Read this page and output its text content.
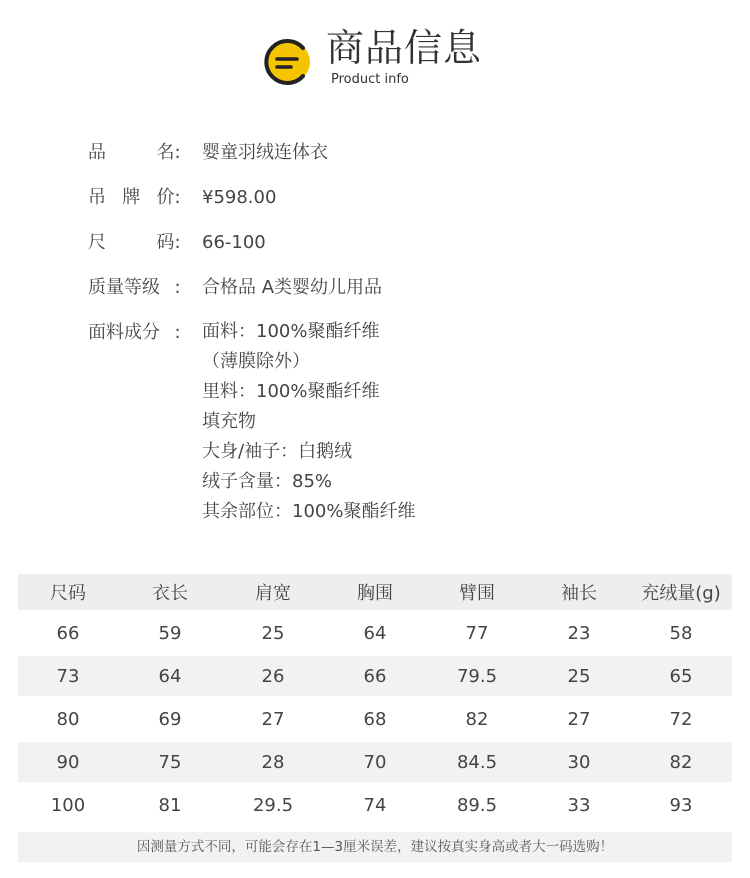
商品信息
Product info
品	名 :	婴童羽绒连体衣
吊 牌 价 :	¥598.00
尺	码 :	66-100
质量等级 :	合格品 A类婴幼儿用品
面料成分 :	面料：100%聚酯纤维
（薄膜除外）
里料：100%聚酯纤维
填充物
大身/袖子：白鹅绒
绒子含量：85%
其余部位：100%聚酯纤维
尺码	衣长	肩宽	胸围	臂围	袖长	充绒量(g)
66	59	25	64	77	23	58
73	64	26	66	79.5	25	65
80	69	27	68	82	27	72
90	75	28	70	84.5	30	82
100	81	29.5	74	89.5	33	93
因测量方式不同，可能会存在1—3厘米误差，建议按真实身高或者大一码选购！
